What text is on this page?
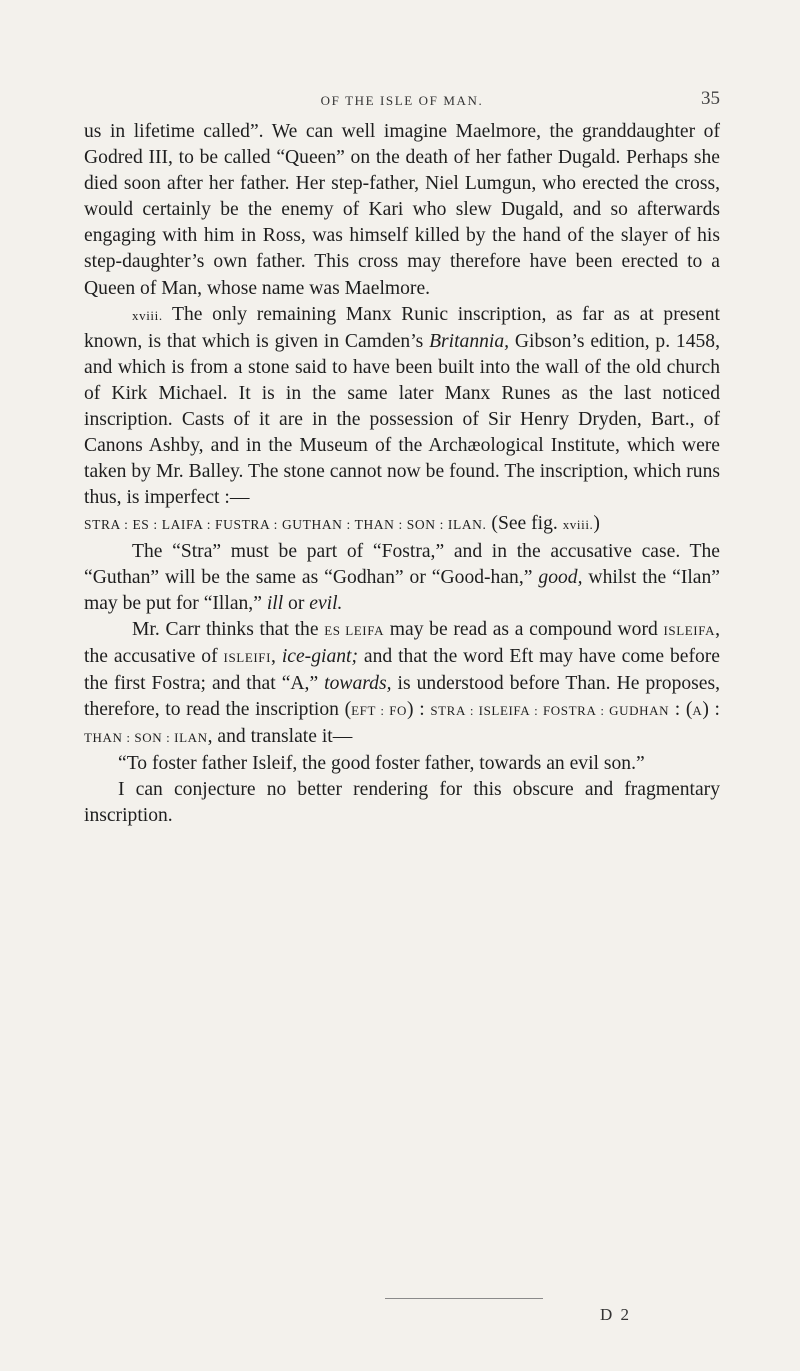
OF THE ISLE OF MAN.	35

us in lifetime called”. We can well imagine Maelmore, the granddaughter of Godred III, to be called “Queen” on the death of her father Dugald. Perhaps she died soon after her father. Her step-father, Niel Lumgun, who erected the cross, would certainly be the enemy of Kari who slew Dugald, and so afterwards engaging with him in Ross, was himself killed by the hand of the slayer of his step-daughter’s own father. This cross may therefore have been erected to a Queen of Man, whose name was Maelmore.

xviii. The only remaining Manx Runic inscription, as far as at present known, is that which is given in Camden’s Britannia, Gibson’s edition, p. 1458, and which is from a stone said to have been built into the wall of the old church of Kirk Michael. It is in the same later Manx Runes as the last noticed inscription. Casts of it are in the possession of Sir Henry Dryden, Bart., of Canons Ashby, and in the Museum of the Archæological Institute, which were taken by Mr. Balley. The stone cannot now be found. The inscription, which runs thus, is imperfect :—

STRA : ES : LAIFA : FUSTRA : GUTHAN : THAN : SON : ILAN. (See fig. xviii.)

The “Stra” must be part of “Fostra,” and in the accusative case. The “Guthan” will be the same as “Godhan” or “Good-han,” good, whilst the “Ilan” may be put for “Illan,” ill or evil.

Mr. Carr thinks that the ES LEIFA may be read as a compound word ISLEIFA, the accusative of ISLEIFI, ice-giant; and that the word Eft may have come before the first Fostra; and that “A,” towards, is understood before Than. He proposes, therefore, to read the inscription (EFT : FO) : STRA : ISLEIFA : FOSTRA : GUDHAN : (A) : THAN : SON : ILAN, and translate it—

“To foster father Isleif, the good foster father, towards an evil son.”

I can conjecture no better rendering for this obscure and fragmentary inscription.

D 2
